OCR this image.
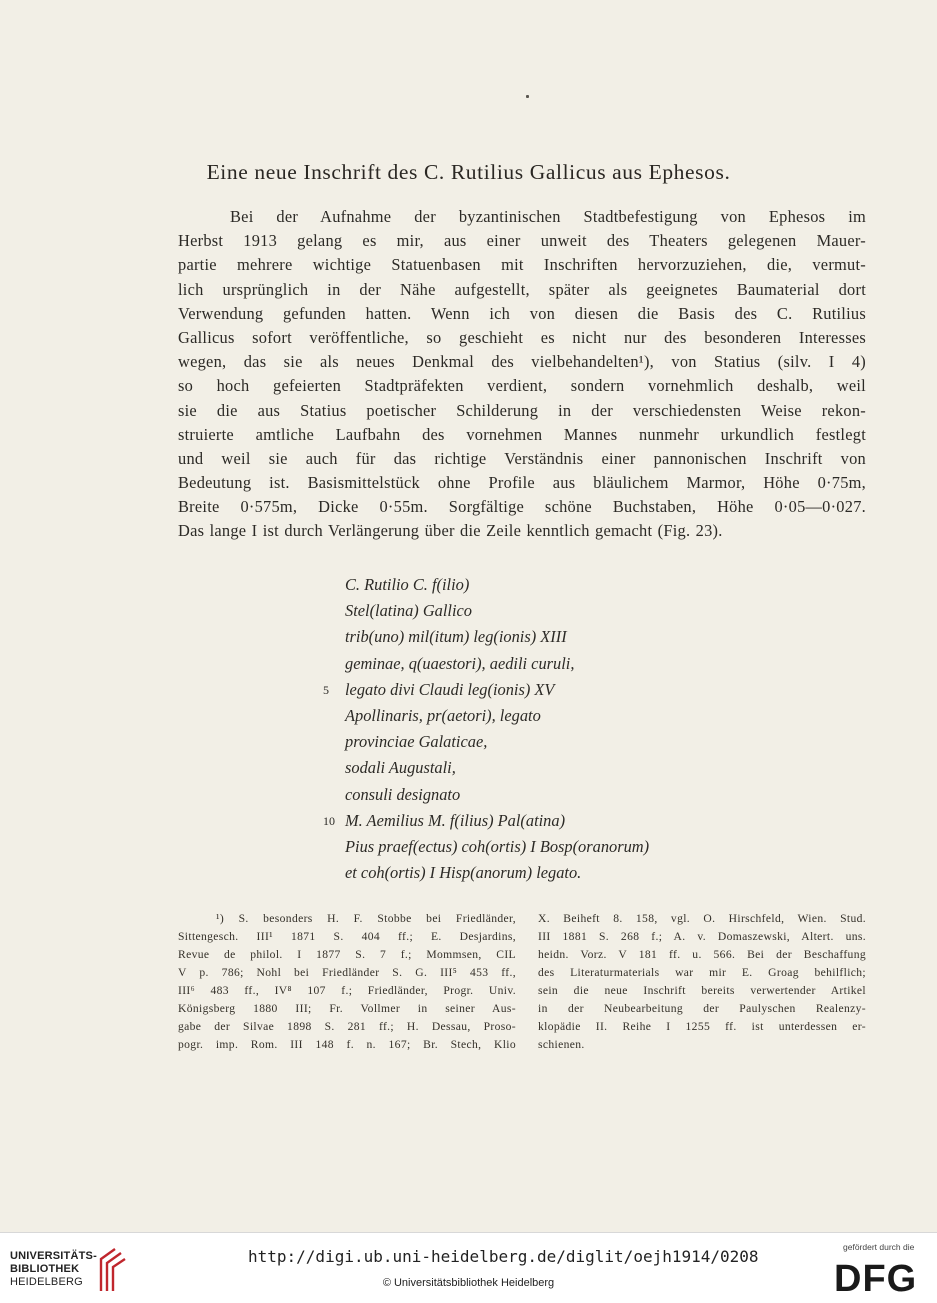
Eine neue Inschrift des C. Rutilius Gallicus aus Ephesos.
Bei der Aufnahme der byzantinischen Stadtbefestigung von Ephesos im
Herbst 1913 gelang es mir, aus einer unweit des Theaters gelegenen Mauer-
partie mehrere wichtige Statuenbasen mit Inschriften hervorzuziehen, die, vermut-
lich ursprünglich in der Nähe aufgestellt, später als geeignetes Baumaterial dort
Verwendung gefunden hatten. Wenn ich von diesen die Basis des C. Rutilius
Gallicus sofort veröffentliche, so geschieht es nicht nur des besonderen Interesses
wegen, das sie als neues Denkmal des vielbehandelten¹), von Statius (silv. I 4)
so hoch gefeierten Stadtpräfekten verdient, sondern vornehmlich deshalb, weil
sie die aus Statius poetischer Schilderung in der verschiedensten Weise rekon-
struierte amtliche Laufbahn des vornehmen Mannes nunmehr urkundlich festlegt
und weil sie auch für das richtige Verständnis einer pannonischen Inschrift von
Bedeutung ist. Basismittelstück ohne Profile aus bläulichem Marmor, Höhe 0·75m,
Breite 0·575m, Dicke 0·55m. Sorgfältige schöne Buchstaben, Höhe 0·05—0·027.
Das lange I ist durch Verlängerung über die Zeile kenntlich gemacht (Fig. 23).
C. Rutilio C. f(ilio)
Stel(latina) Gallico
trib(uno) mil(itum) leg(ionis) XIII
geminae, q(uaestori), aedili curuli,
5 legato divi Claudi leg(ionis) XV
Apollinaris, pr(aetori), legato
provinciae Galaticae,
sodali Augustali,
consuli designato
10 M. Aemilius M. f(ilius) Pal(atina)
Pius praef(ectus) coh(ortis) I Bosp(oranorum)
et coh(ortis) I Hisp(anorum) legato.
¹) S. besonders H. F. Stobbe bei Friedländer,
Sittengesch. III¹ 1871 S. 404 ff.; E. Desjardins,
Revue de philol. I 1877 S. 7 f.; Mommsen, CIL
V p. 786; Nohl bei Friedländer S. G. III⁵ 453 ff.,
III⁶ 483 ff., IV⁸ 107 f.; Friedländer, Progr. Univ.
Königsberg 1880 III; Fr. Vollmer in seiner Aus-
gabe der Silvae 1898 S. 281 ff.; H. Dessau, Proso-
pogr. imp. Rom. III 148 f. n. 167; Br. Stech, Klio
X. Beiheft 8. 158, vgl. O. Hirschfeld, Wien. Stud.
III 1881 S. 268 f.; A. v. Domaszewski, Altert. uns.
heidn. Vorz. V 181 ff. u. 566. Bei der Beschaffung
des Literaturmaterials war mir E. Groag behilflich;
sein die neue Inschrift bereits verwertender Artikel
in der Neubearbeitung der Paulyschen Realenzy-
klopädie II. Reihe I 1255 ff. ist unterdessen er-
schienen.
UNIVERSITÄTS-
BIBLIOTHEK
HEIDELBERG
http://digi.ub.uni-heidelberg.de/diglit/oejh1914/0208
© Universitätsbibliothek Heidelberg
gefördert durch die
DFG
